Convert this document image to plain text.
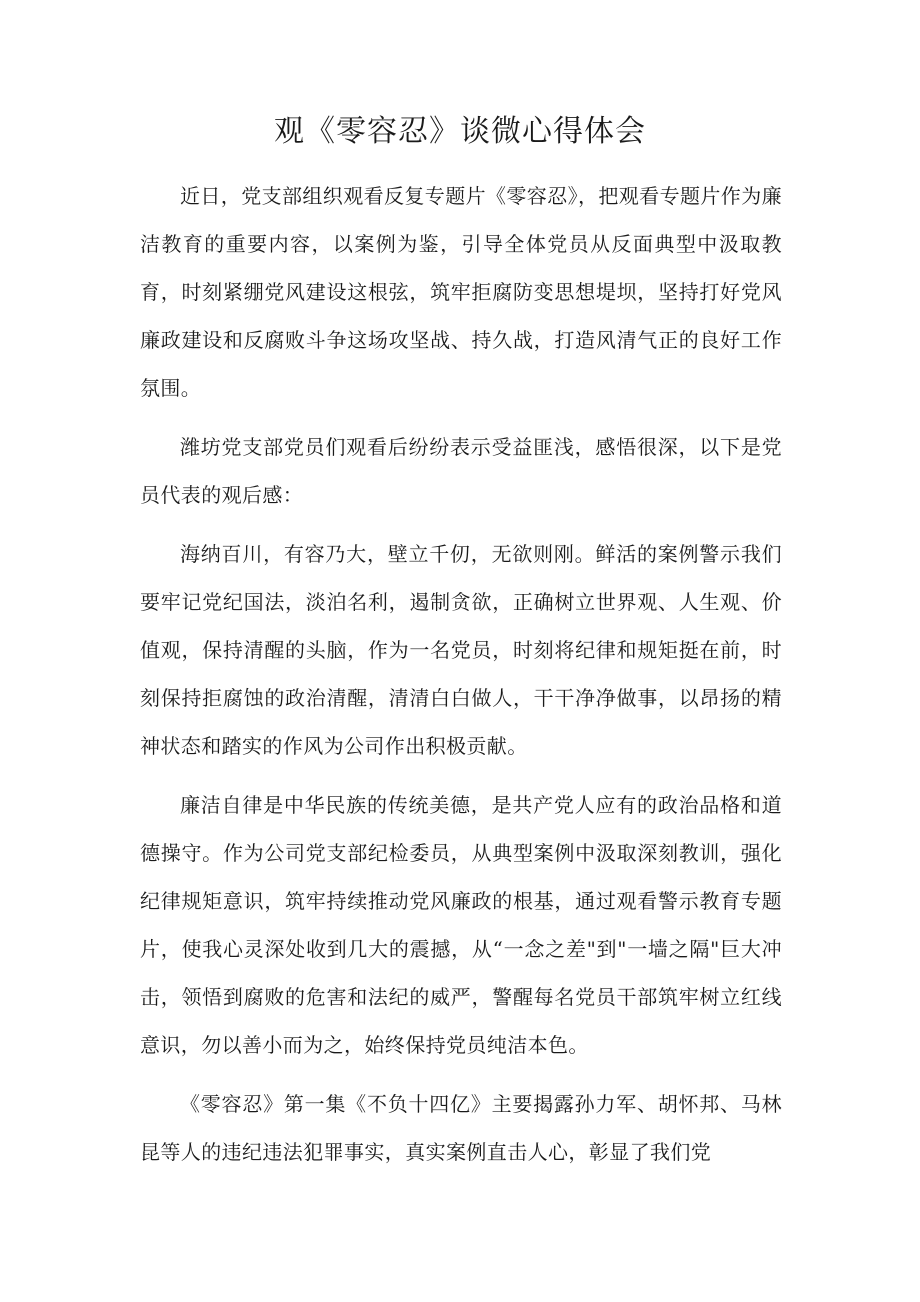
观《零容忍》谈微心得体会

近日，党支部组织观看反复专题片《零容忍》，把观看专题片作为廉洁教育的重要内容，以案例为鉴，引导全体党员从反面典型中汲取教育，时刻紧绷党风建设这根弦，筑牢拒腐防变思想堤坝，坚持打好党风廉政建设和反腐败斗争这场攻坚战、持久战，打造风清气正的良好工作氛围。

潍坊党支部党员们观看后纷纷表示受益匪浅，感悟很深，以下是党员代表的观后感：

海纳百川，有容乃大，壁立千仞，无欲则刚。鲜活的案例警示我们要牢记党纪国法，淡泊名利，遏制贪欲，正确树立世界观、人生观、价值观，保持清醒的头脑，作为一名党员，时刻将纪律和规矩挺在前，时刻保持拒腐蚀的政治清醒，清清白白做人，干干净净做事，以昂扬的精神状态和踏实的作风为公司作出积极贡献。

廉洁自律是中华民族的传统美德，是共产党人应有的政治品格和道德操守。作为公司党支部纪检委员，从典型案例中汲取深刻教训，强化纪律规矩意识，筑牢持续推动党风廉政的根基，通过观看警示教育专题片，使我心灵深处收到几大的震撼，从“一念之差"到"一墙之隔"巨大冲击，领悟到腐败的危害和法纪的威严，警醒每名党员干部筑牢树立红线意识，勿以善小而为之，始终保持党员纯洁本色。

《零容忍》第一集《不负十四亿》主要揭露孙力军、胡怀邦、马林昆等人的违纪违法犯罪事实，真实案例直击人心，彰显了我们党
